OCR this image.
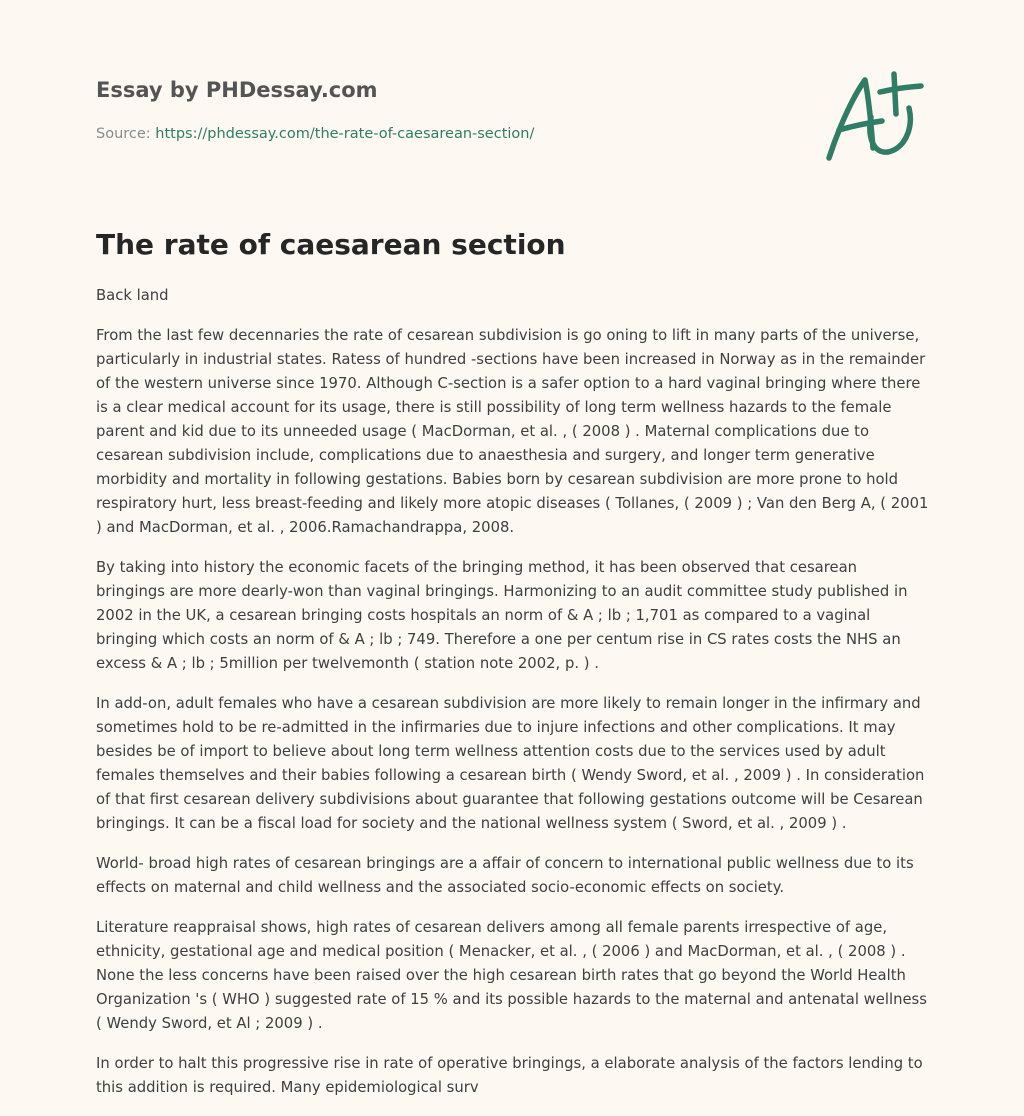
Essay by PHDessay.com

Source: https://phdessay.com/the-rate-of-caesarean-section/
The rate of caesarean section

Back land

From the last few decennaries the rate of cesarean subdivision is go oning to lift in many parts of the universe, particularly in industrial states. Ratess of hundred -sections have been increased in Norway as in the remainder of the western universe since 1970. Although C-section is a safer option to a hard vaginal bringing where there is a clear medical account for its usage, there is still possibility of long term wellness hazards to the female parent and kid due to its unneeded usage ( MacDorman, et al. , ( 2008 ) . Maternal complications due to cesarean subdivision include, complications due to anaesthesia and surgery, and longer term generative morbidity and mortality in following gestations. Babies born by cesarean subdivision are more prone to hold respiratory hurt, less breast-feeding and likely more atopic diseases ( Tollanes, ( 2009 ) ; Van den Berg A, ( 2001 ) and MacDorman, et al. , 2006.Ramachandrappa, 2008.

By taking into history the economic facets of the bringing method, it has been observed that cesarean bringings are more dearly-won than vaginal bringings. Harmonizing to an audit committee study published in 2002 in the UK, a cesarean bringing costs hospitals an norm of & A ; lb ; 1,701 as compared to a vaginal bringing which costs an norm of & A ; lb ; 749. Therefore a one per centum rise in CS rates costs the NHS an excess & A ; lb ; 5million per twelvemonth ( station note 2002, p. ) .

In add-on, adult females who have a cesarean subdivision are more likely to remain longer in the infirmary and sometimes hold to be re-admitted in the infirmaries due to injure infections and other complications. It may besides be of import to believe about long term wellness attention costs due to the services used by adult females themselves and their babies following a cesarean birth ( Wendy Sword, et al. , 2009 ) . In consideration of that first cesarean delivery subdivisions about guarantee that following gestations outcome will be Cesarean bringings. It can be a fiscal load for society and the national wellness system ( Sword, et al. , 2009 ) .

World- broad high rates of cesarean bringings are a affair of concern to international public wellness due to its effects on maternal and child wellness and the associated socio-economic effects on society.

Literature reappraisal shows, high rates of cesarean delivers among all female parents irrespective of age, ethnicity, gestational age and medical position ( Menacker, et al. , ( 2006 ) and MacDorman, et al. , ( 2008 ) . None the less concerns have been raised over the high cesarean birth rates that go beyond the World Health Organization 's ( WHO ) suggested rate of 15 % and its possible hazards to the maternal and antenatal wellness ( Wendy Sword, et Al ; 2009 ) .

In order to halt this progressive rise in rate of operative bringings, a elaborate analysis of the factors lending to this addition is required. Many epidemiological surv
